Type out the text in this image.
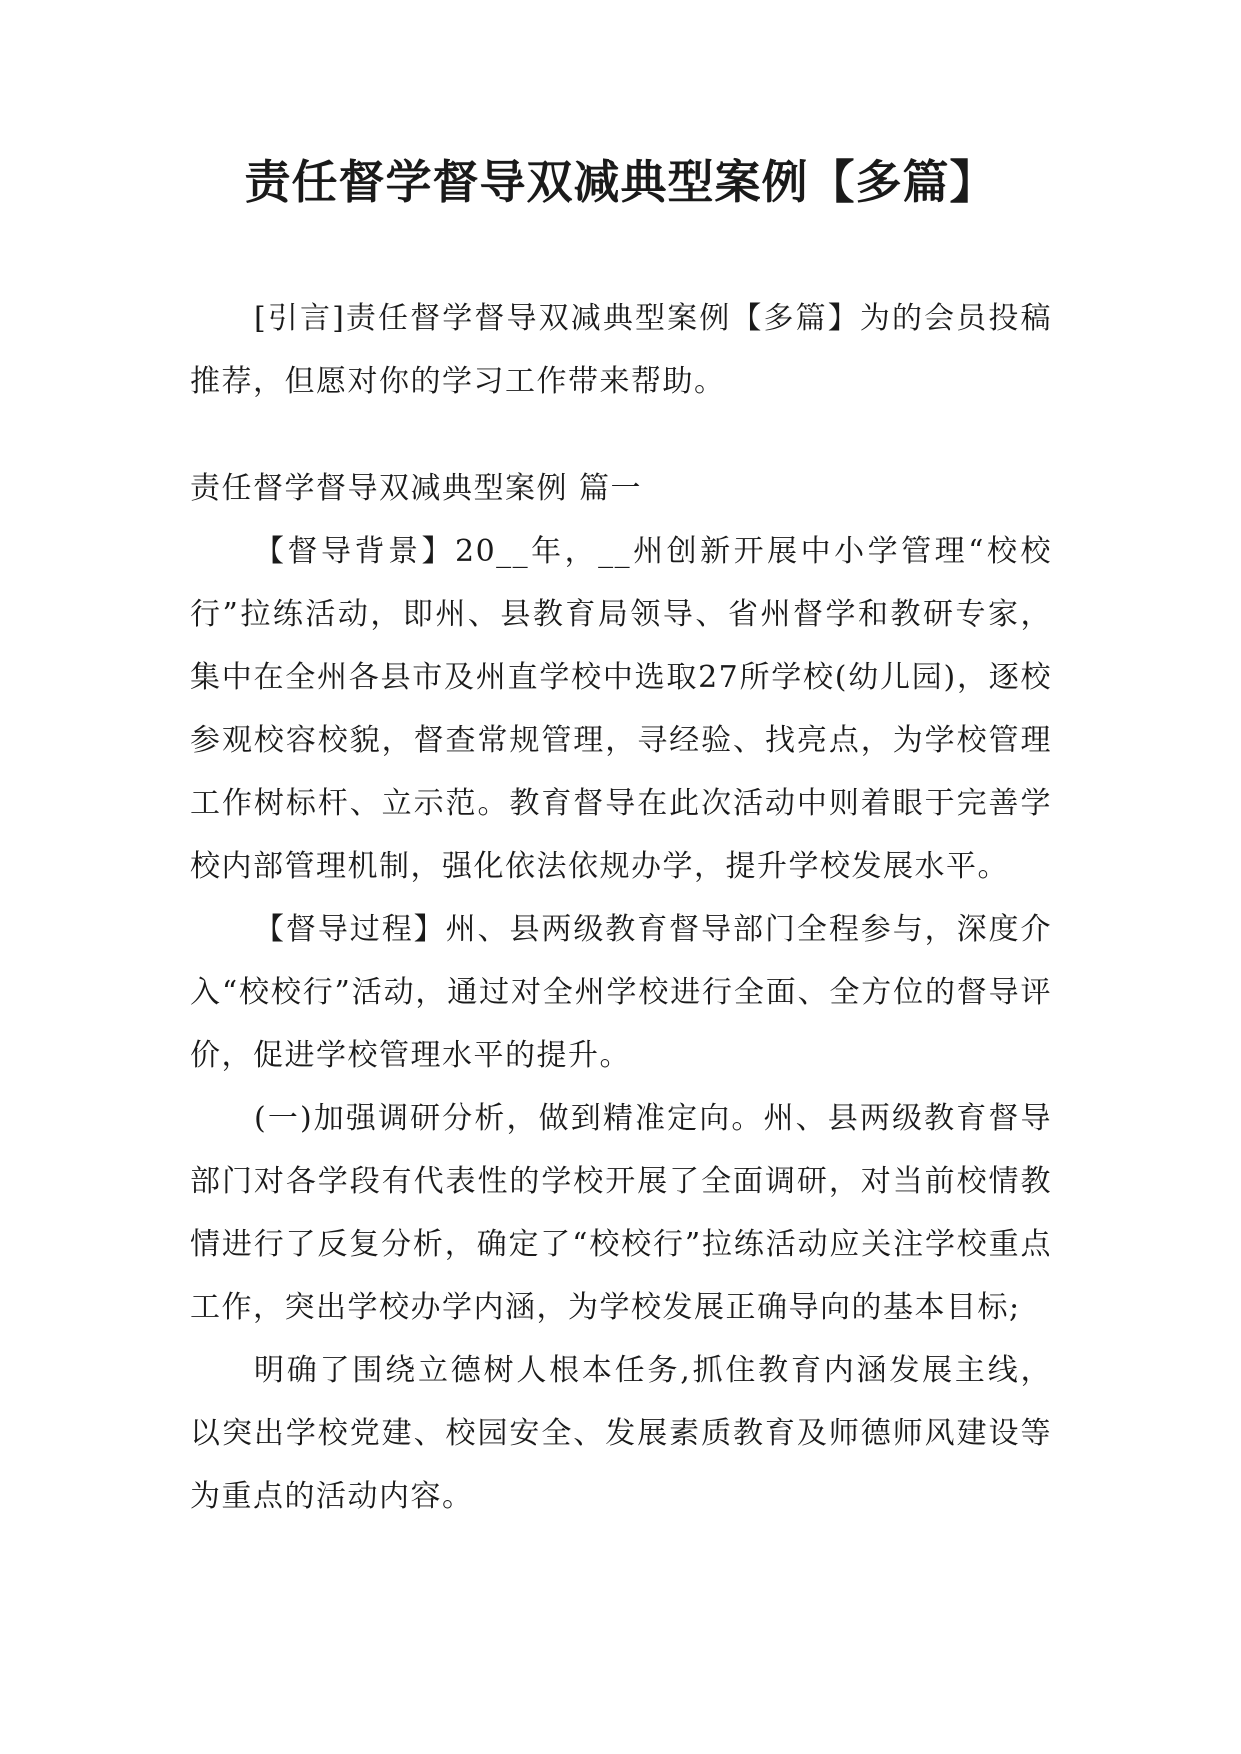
责任督学督导双减典型案例【多篇】

[引言]责任督学督导双减典型案例【多篇】为的会员投稿推荐，但愿对你的学习工作带来帮助。

责任督学督导双减典型案例 篇一

【督导背景】20__年，__州创新开展中小学管理“校校行”拉练活动，即州、县教育局领导、省州督学和教研专家，集中在全州各县市及州直学校中选取27所学校(幼儿园)，逐校参观校容校貌，督查常规管理，寻经验、找亮点，为学校管理工作树标杆、立示范。教育督导在此次活动中则着眼于完善学校内部管理机制，强化依法依规办学，提升学校发展水平。

【督导过程】州、县两级教育督导部门全程参与，深度介入“校校行”活动，通过对全州学校进行全面、全方位的督导评价，促进学校管理水平的提升。

(一)加强调研分析，做到精准定向。州、县两级教育督导部门对各学段有代表性的学校开展了全面调研，对当前校情教情进行了反复分析，确定了“校校行”拉练活动应关注学校重点工作，突出学校办学内涵，为学校发展正确导向的基本目标;

明确了围绕立德树人根本任务,抓住教育内涵发展主线，以突出学校党建、校园安全、发展素质教育及师德师风建设等为重点的活动内容。
